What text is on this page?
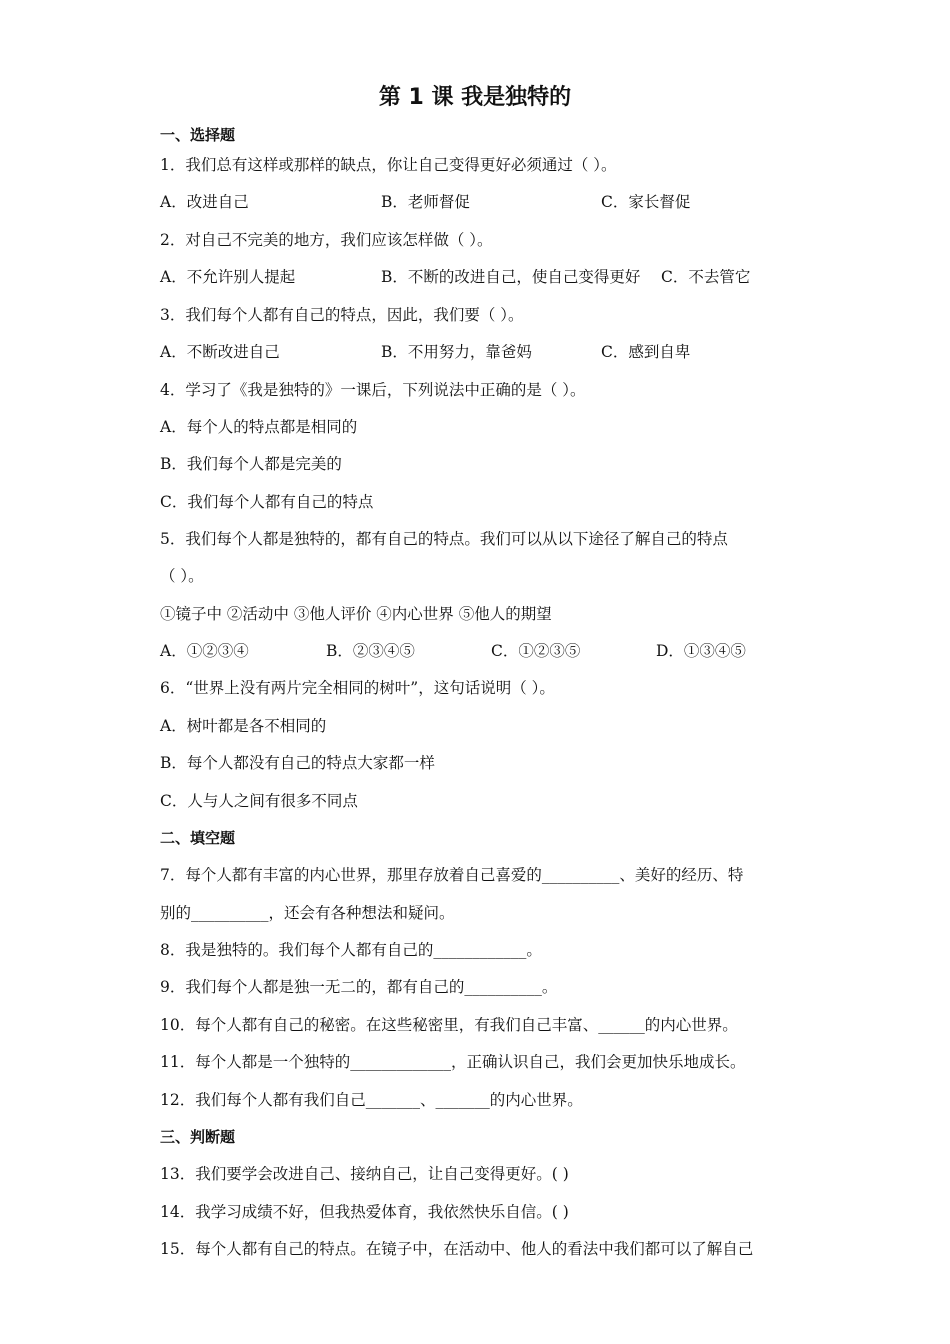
第 1 课 我是独特的
一、选择题
1．我们总有这样或那样的缺点，你让自己变得更好必须通过（ ）。
A．改进自己	B．老师督促	C．家长督促
2．对自己不完美的地方，我们应该怎样做（ ）。
A．不允许别人提起	B．不断的改进自己，使自己变得更好 C．不去管它
3．我们每个人都有自己的特点，因此，我们要（ ）。
A．不断改进自己	B．不用努力，靠爸妈	C．感到自卑
4．学习了《我是独特的》一课后，下列说法中正确的是（ ）。
A．每个人的特点都是相同的
B．我们每个人都是完美的
C．我们每个人都有自己的特点
5．我们每个人都是独特的，都有自己的特点。我们可以从以下途径了解自己的特点
（ ）。
①镜子中 ②活动中 ③他人评价 ④内心世界 ⑤他人的期望
A．①②③④	B．②③④⑤	C．①②③⑤	D．①③④⑤
6．“世界上没有两片完全相同的树叶”，这句话说明（ ）。
A．树叶都是各不相同的
B．每个人都没有自己的特点大家都一样
C．人与人之间有很多不同点
二、填空题
7．每个人都有丰富的内心世界，那里存放着自己喜爱的__________、美好的经历、特
别的__________，还会有各种想法和疑问。
8．我是独特的。我们每个人都有自己的____________。
9．我们每个人都是独一无二的，都有自己的__________。
10．每个人都有自己的秘密。在这些秘密里，有我们自己丰富、______的内心世界。
11．每个人都是一个独特的_____________，正确认识自己，我们会更加快乐地成长。
12．我们每个人都有我们自己_______、_______的内心世界。
三、判断题
13．我们要学会改进自己、接纳自己，让自己变得更好。( )
14．我学习成绩不好，但我热爱体育，我依然快乐自信。( )
15．每个人都有自己的特点。在镜子中，在活动中、他人的看法中我们都可以了解自己
